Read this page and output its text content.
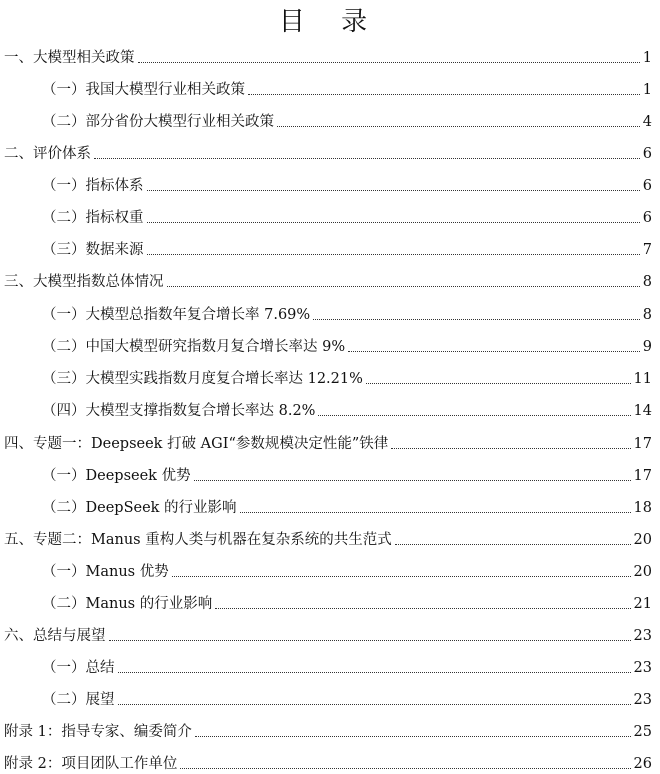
目 录
一、大模型相关政策	1
（一）我国大模型行业相关政策	1
（二）部分省份大模型行业相关政策	4
二、评价体系	6
（一）指标体系	6
（二）指标权重	6
（三）数据来源	7
三、大模型指数总体情况	8
（一）大模型总指数年复合增长率 7.69%	8
（二）中国大模型研究指数月复合增长率达 9%	9
（三）大模型实践指数月度复合增长率达 12.21%	11
（四）大模型支撑指数复合增长率达 8.2%	14
四、专题一：Deepseek 打破 AGI“参数规模决定性能”铁律	17
（一）Deepseek 优势	17
（二）DeepSeek 的行业影响	18
五、专题二：Manus 重构人类与机器在复杂系统的共生范式	20
（一）Manus 优势	20
（二）Manus 的行业影响	21
六、总结与展望	23
（一）总结	23
（二）展望	23
附录 1：指导专家、编委简介	25
附录 2：项目团队工作单位	26
